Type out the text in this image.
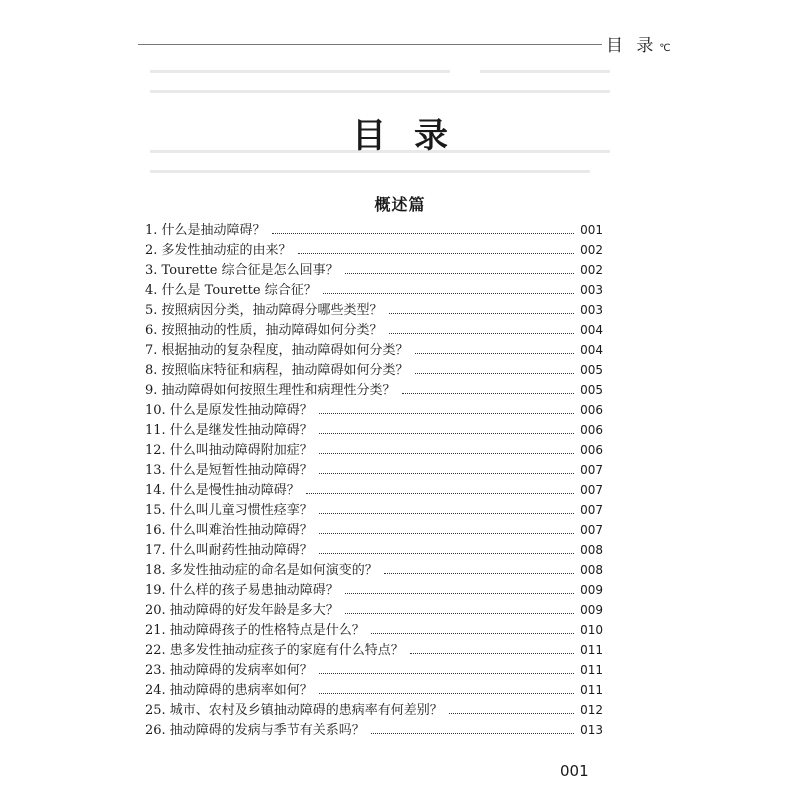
目 录 ℃
目录
概述篇
1. 什么是抽动障碍？	001
2. 多发性抽动症的由来？	002
3. Tourette 综合征是怎么回事？	002
4. 什么是 Tourette 综合征？	003
5. 按照病因分类，抽动障碍分哪些类型？	003
6. 按照抽动的性质，抽动障碍如何分类？	004
7. 根据抽动的复杂程度，抽动障碍如何分类？	004
8. 按照临床特征和病程，抽动障碍如何分类？	005
9. 抽动障碍如何按照生理性和病理性分类？	005
10. 什么是原发性抽动障碍？	006
11. 什么是继发性抽动障碍？	006
12. 什么叫抽动障碍附加症？	006
13. 什么是短暂性抽动障碍？	007
14. 什么是慢性抽动障碍？	007
15. 什么叫儿童习惯性痉挛？	007
16. 什么叫难治性抽动障碍？	007
17. 什么叫耐药性抽动障碍？	008
18. 多发性抽动症的命名是如何演变的？	008
19. 什么样的孩子易患抽动障碍？	009
20. 抽动障碍的好发年龄是多大？	009
21. 抽动障碍孩子的性格特点是什么？	010
22. 患多发性抽动症孩子的家庭有什么特点？	011
23. 抽动障碍的发病率如何？	011
24. 抽动障碍的患病率如何？	011
25. 城市、农村及乡镇抽动障碍的患病率有何差别？	012
26. 抽动障碍的发病与季节有关系吗？	013
001
